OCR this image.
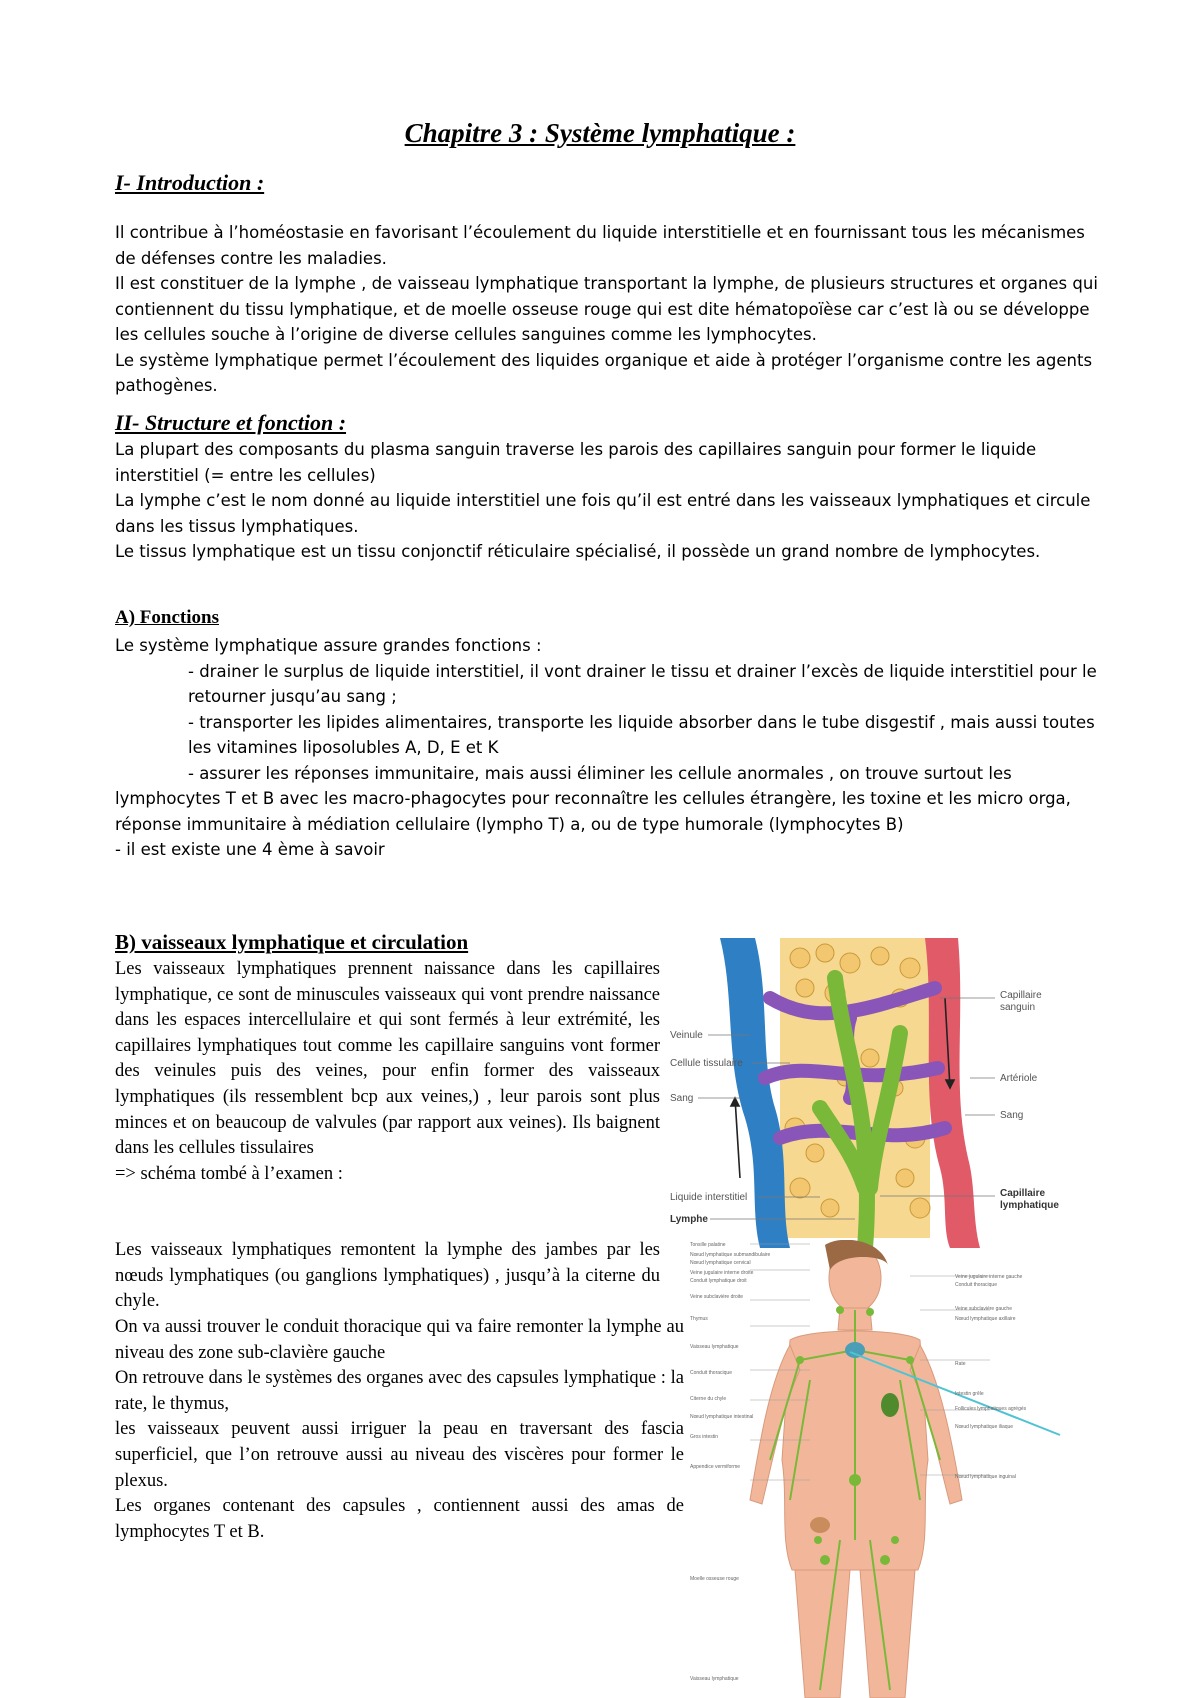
Chapitre 3 : Système lymphatique :
I- Introduction :

Il contribue à l’homéostasie en favorisant l’écoulement du liquide interstitielle et en fournissant tous les mécanismes de défenses contre les maladies.

Il est constituer de la lymphe , de vaisseau lymphatique transportant la lymphe, de plusieurs structures et organes qui contiennent du tissu lymphatique, et de moelle osseuse rouge qui est dite hématopoïèse car c’est là ou se développe les cellules souche à l’origine de diverse cellules sanguines comme les lymphocytes.

Le système lymphatique permet l’écoulement des liquides organique et aide à protéger l’organisme contre les agents pathogènes.

II- Structure et fonction :

La plupart des composants du plasma sanguin traverse les parois des capillaires sanguin pour former le liquide interstitiel (= entre les cellules)

La lymphe c’est le nom donné au liquide interstitiel une fois qu’il est entré dans les vaisseaux lymphatiques et circule dans les tissus lymphatiques.

Le tissus lymphatique est un tissu conjonctif réticulaire spécialisé, il possède un grand nombre de lymphocytes.

A) Fonctions

Le système lymphatique assure grandes fonctions :

- drainer le surplus de liquide interstitiel, il vont drainer le tissu et drainer l’excès de liquide interstitiel pour le retourner jusqu’au sang ;

- transporter les lipides alimentaires, transporte les liquide absorber dans le tube disgestif , mais aussi toutes les vitamines liposolubles A, D, E et K

- assurer les réponses immunitaire, mais aussi éliminer les cellule anormales , on trouve surtout les

lymphocytes T et B avec les macro-phagocytes pour reconnaître les cellules étrangère, les toxine et les micro orga, réponse immunitaire à médiation cellulaire (lympho T) a, ou de type humorale (lymphocytes B)

- il est existe une 4 ème à savoir

B) vaisseaux lymphatique et circulation

Les vaisseaux lymphatiques prennent naissance dans les capillaires lymphatique, ce sont de minuscules vaisseaux qui vont prendre naissance dans les espaces intercellulaire et qui sont fermés à leur extrémité, les capillaires lymphatiques tout comme les capillaire sanguins vont former des veinules puis des veines, pour enfin former des vaisseaux lymphatiques (ils ressemblent bcp aux veines,) , leur parois sont plus minces et on beaucoup de valvules (par rapport aux veines). Ils baignent dans les cellules tissulaires

=> schéma tombé à l’examen :

Les vaisseaux lymphatiques remontent la lymphe des jambes par les nœuds lymphatiques (ou ganglions lymphatiques) , jusqu’à la citerne du chyle.

On va aussi trouver le conduit thoracique qui va faire remonter la lymphe au niveau des zone sub-clavière gauche

On retrouve dans le systèmes des organes avec des capsules lymphatique : la rate, le thymus,

les vaisseaux peuvent aussi irriguer la peau en traversant des fascia superficiel, que l’on retrouve aussi au niveau des viscères pour former le plexus.

Les organes contenant des capsules , contiennent aussi des amas de lymphocytes T et B.

Veinule
Cellule tissulaire
Sang
Capillaire
sanguin
Artériole
Sang
Liquide interstitiel
Lymphe
Capillaire
lymphatique
Tonsille palatine
Nœud lymphatique submandibulaire
Nœud lymphatique cervical
Veine jugulaire interne droite
Conduit lymphatique droit
Veine subclavière droite
Thymus
Vaisseau lymphatique
Conduit thoracique
Citerne du chyle
Nœud lymphatique intestinal
Gros intestin
Appendice vermiforme
Moelle osseuse rouge
Vaisseau lymphatique
Veine jugulaire interne gauche
Conduit thoracique
Veine subclavière gauche
Nœud lymphatique axillaire
Rate
Intestin grêle
Follicules lymphatiques agrégés
Nœud lymphatique iliaque
Nœud lymphatique inguinal
